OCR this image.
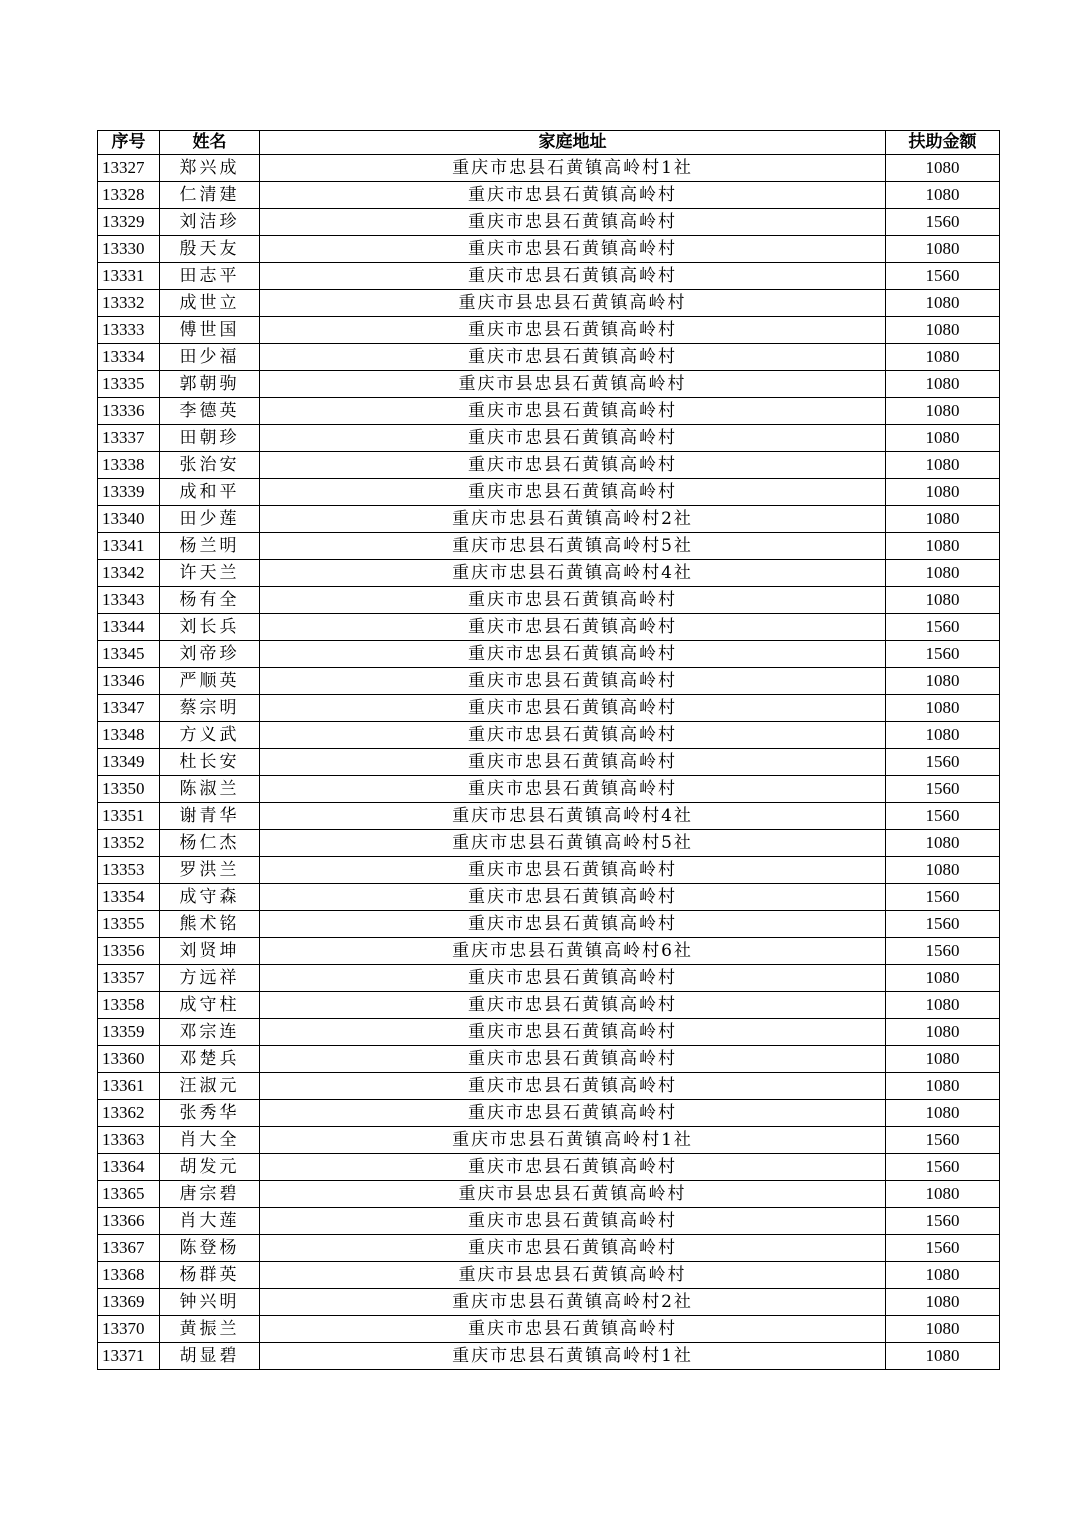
序号	姓名	家庭地址	扶助金额
13327	郑兴成	重庆市忠县石黄镇高岭村1社	1080
13328	仁清建	重庆市忠县石黄镇高岭村	1080
13329	刘洁珍	重庆市忠县石黄镇高岭村	1560
13330	殷天友	重庆市忠县石黄镇高岭村	1080
13331	田志平	重庆市忠县石黄镇高岭村	1560
13332	成世立	重庆市县忠县石黄镇高岭村	1080
13333	傅世国	重庆市忠县石黄镇高岭村	1080
13334	田少福	重庆市忠县石黄镇高岭村	1080
13335	郭朝驹	重庆市县忠县石黄镇高岭村	1080
13336	李德英	重庆市忠县石黄镇高岭村	1080
13337	田朝珍	重庆市忠县石黄镇高岭村	1080
13338	张治安	重庆市忠县石黄镇高岭村	1080
13339	成和平	重庆市忠县石黄镇高岭村	1080
13340	田少莲	重庆市忠县石黄镇高岭村2社	1080
13341	杨兰明	重庆市忠县石黄镇高岭村5社	1080
13342	许天兰	重庆市忠县石黄镇高岭村4社	1080
13343	杨有全	重庆市忠县石黄镇高岭村	1080
13344	刘长兵	重庆市忠县石黄镇高岭村	1560
13345	刘帝珍	重庆市忠县石黄镇高岭村	1560
13346	严顺英	重庆市忠县石黄镇高岭村	1080
13347	蔡宗明	重庆市忠县石黄镇高岭村	1080
13348	方义武	重庆市忠县石黄镇高岭村	1080
13349	杜长安	重庆市忠县石黄镇高岭村	1560
13350	陈淑兰	重庆市忠县石黄镇高岭村	1560
13351	谢青华	重庆市忠县石黄镇高岭村4社	1560
13352	杨仁杰	重庆市忠县石黄镇高岭村5社	1080
13353	罗洪兰	重庆市忠县石黄镇高岭村	1080
13354	成守森	重庆市忠县石黄镇高岭村	1560
13355	熊术铭	重庆市忠县石黄镇高岭村	1560
13356	刘贤坤	重庆市忠县石黄镇高岭村6社	1560
13357	方远祥	重庆市忠县石黄镇高岭村	1080
13358	成守柱	重庆市忠县石黄镇高岭村	1080
13359	邓宗连	重庆市忠县石黄镇高岭村	1080
13360	邓楚兵	重庆市忠县石黄镇高岭村	1080
13361	汪淑元	重庆市忠县石黄镇高岭村	1080
13362	张秀华	重庆市忠县石黄镇高岭村	1080
13363	肖大全	重庆市忠县石黄镇高岭村1社	1560
13364	胡发元	重庆市忠县石黄镇高岭村	1560
13365	唐宗碧	重庆市县忠县石黄镇高岭村	1080
13366	肖大莲	重庆市忠县石黄镇高岭村	1560
13367	陈登杨	重庆市忠县石黄镇高岭村	1560
13368	杨群英	重庆市县忠县石黄镇高岭村	1080
13369	钟兴明	重庆市忠县石黄镇高岭村2社	1080
13370	黄振兰	重庆市忠县石黄镇高岭村	1080
13371	胡显碧	重庆市忠县石黄镇高岭村1社	1080
